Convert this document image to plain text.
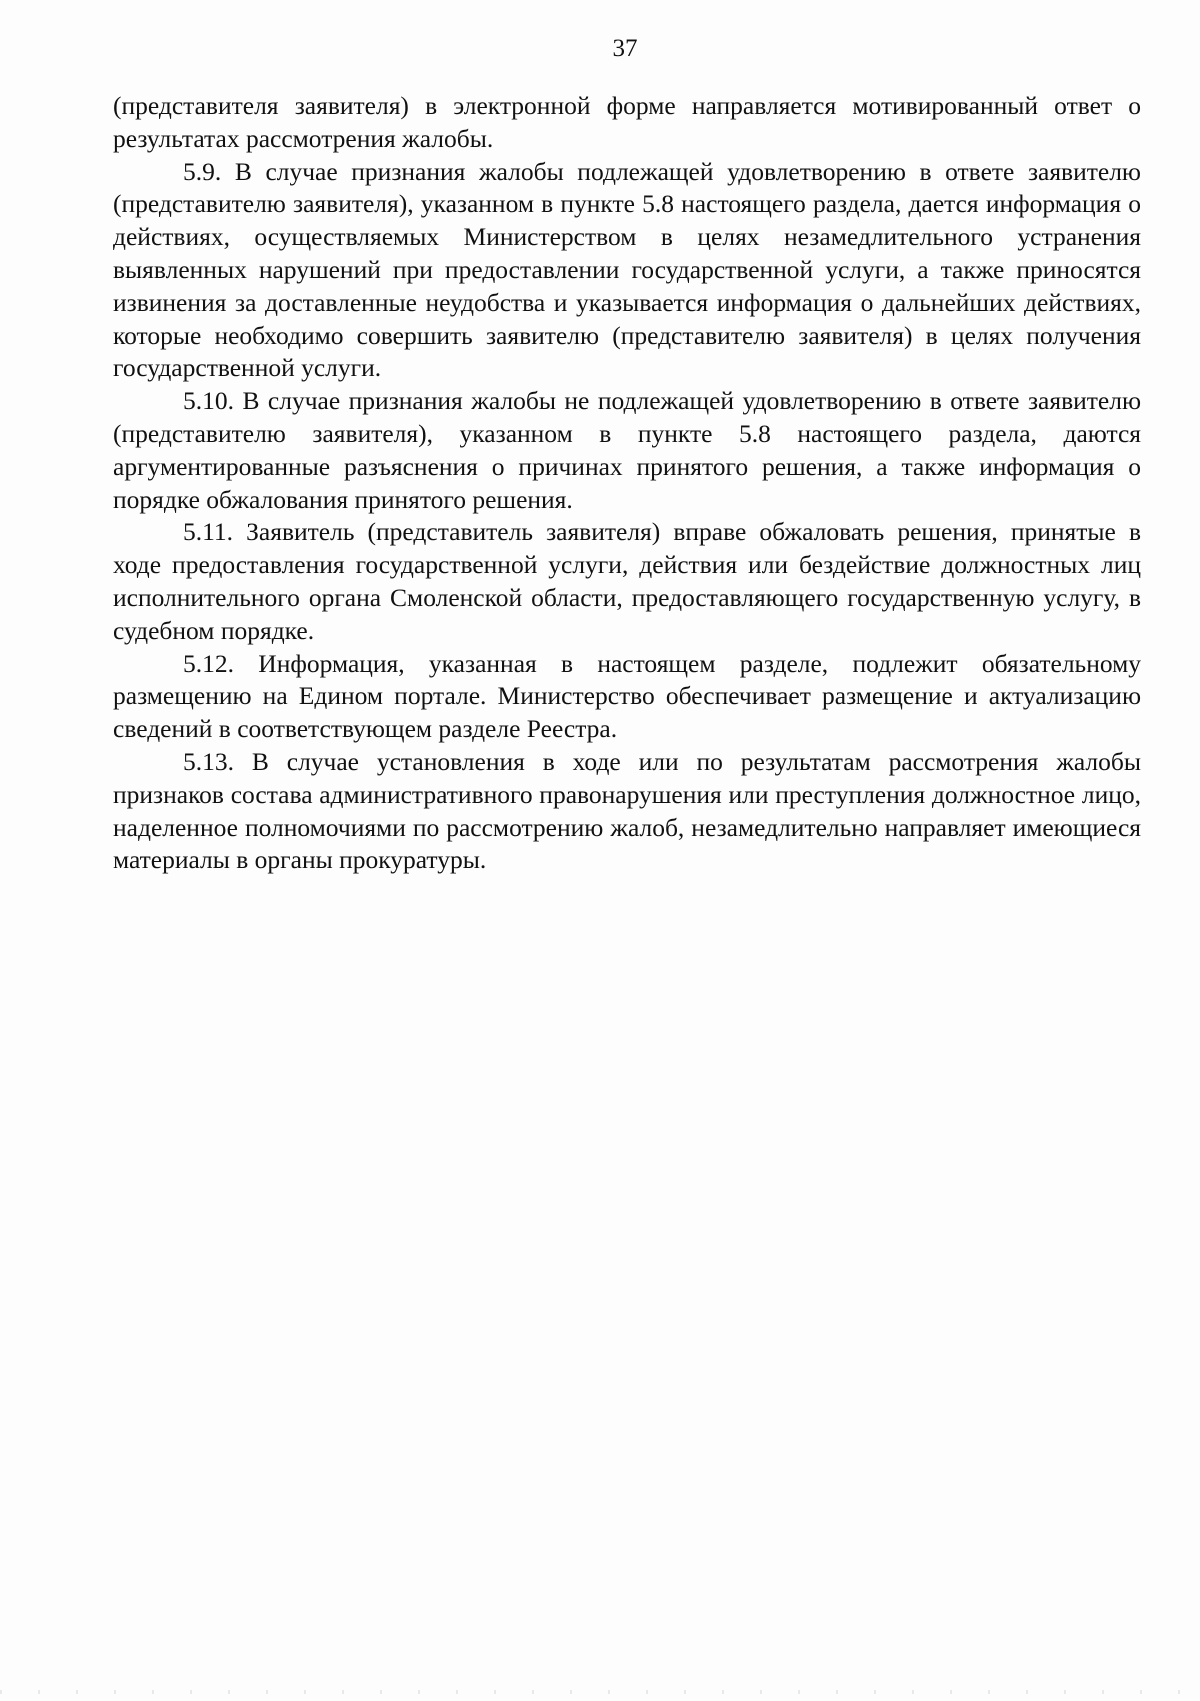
37

(представителя заявителя) в электронной форме направляется мотивированный ответ о результатах рассмотрения жалобы.

5.9. В случае признания жалобы подлежащей удовлетворению в ответе заявителю (представителю заявителя), указанном в пункте 5.8 настоящего раздела, дается информация о действиях, осуществляемых Министерством в целях незамедлительного устранения выявленных нарушений при предоставлении государственной услуги, а также приносятся извинения за доставленные неудобства и указывается информация о дальнейших действиях, которые необходимо совершить заявителю (представителю заявителя) в целях получения государственной услуги.

5.10. В случае признания жалобы не подлежащей удовлетворению в ответе заявителю (представителю заявителя), указанном в пункте 5.8 настоящего раздела, даются аргументированные разъяснения о причинах принятого решения, а также информация о порядке обжалования принятого решения.

5.11. Заявитель (представитель заявителя) вправе обжаловать решения, принятые в ходе предоставления государственной услуги, действия или бездействие должностных лиц исполнительного органа Смоленской области, предоставляющего государственную услугу, в судебном порядке.

5.12. Информация, указанная в настоящем разделе, подлежит обязательному размещению на Едином портале. Министерство обеспечивает размещение и актуализацию сведений в соответствующем разделе Реестра.

5.13. В случае установления в ходе или по результатам рассмотрения жалобы признаков состава административного правонарушения или преступления должностное лицо, наделенное полномочиями по рассмотрению жалоб, незамедлительно направляет имеющиеся материалы в органы прокуратуры.
